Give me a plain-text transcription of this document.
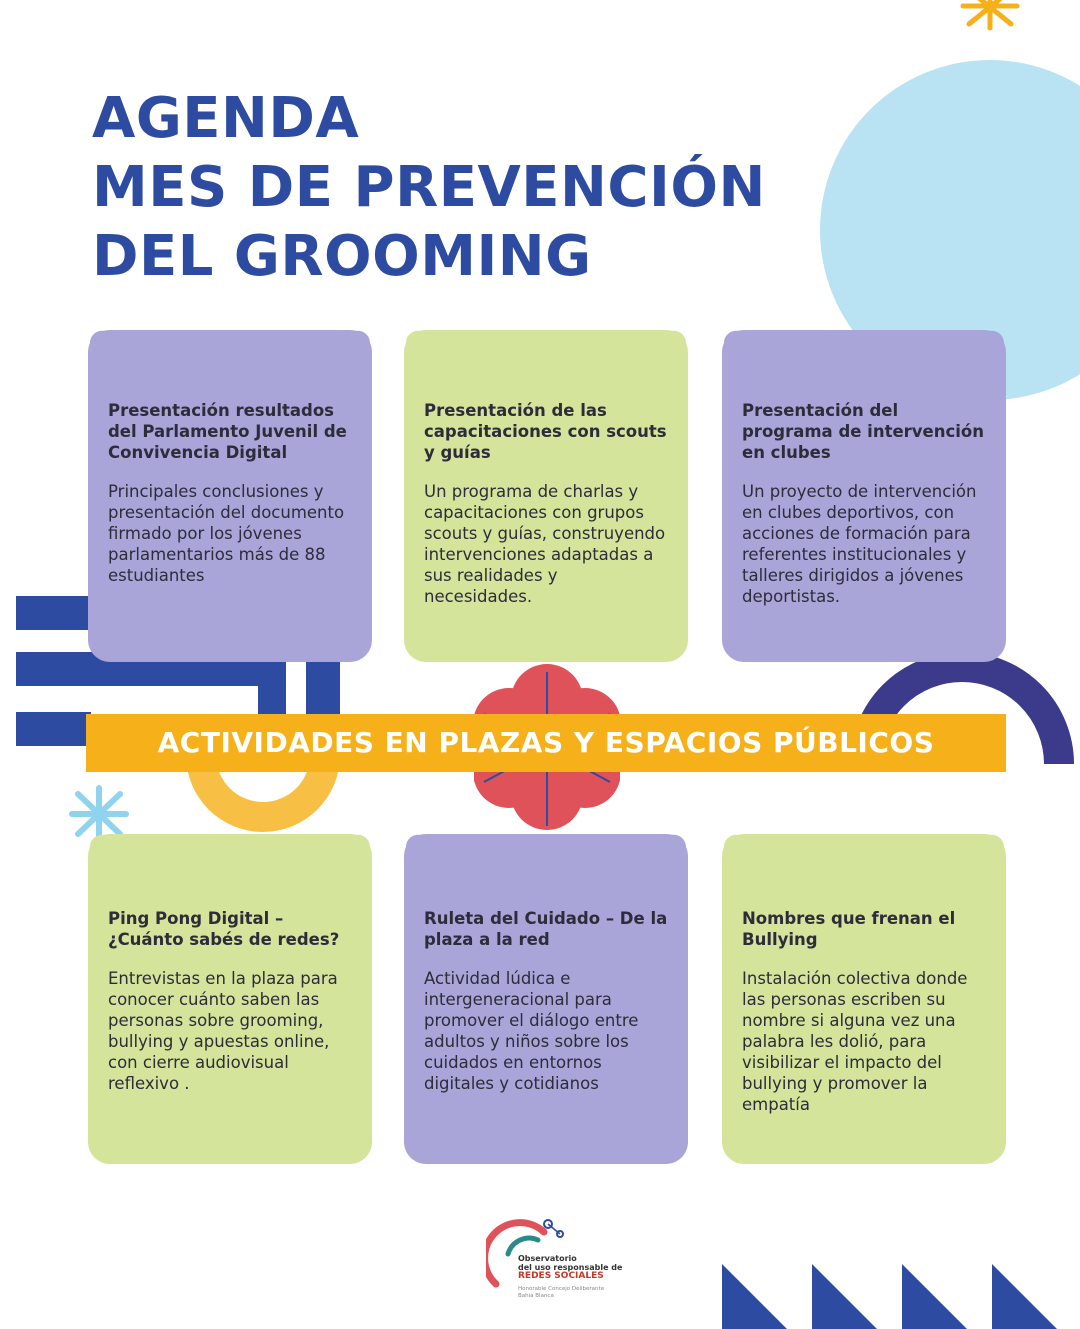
AGENDA
MES DE PREVENCIÓN
DEL GROOMING

Presentación resultados del Parlamento Juvenil de Convivencia Digital

Principales conclusiones y presentación del documento firmado por los jóvenes parlamentarios más de 88 estudiantes

Presentación de las capacitaciones con scouts y guías

Un programa de charlas y capacitaciones con grupos scouts y guías, construyendo intervenciones adaptadas a sus realidades y necesidades.

Presentación del programa de intervención en clubes

Un proyecto de intervención en clubes deportivos, con acciones de formación para referentes institucionales y talleres dirigidos a jóvenes deportistas.

ACTIVIDADES EN PLAZAS Y ESPACIOS PÚBLICOS

Ping Pong Digital – ¿Cuánto sabés de redes?

Entrevistas en la plaza para conocer cuánto saben las personas sobre grooming, bullying y apuestas online, con cierre audiovisual reflexivo .

Ruleta del Cuidado – De la plaza a la red

Actividad lúdica e intergeneracional para promover el diálogo entre adultos y niños sobre los cuidados en entornos digitales y cotidianos

Nombres que frenan el Bullying

Instalación colectiva donde las personas escriben su nombre si alguna vez una palabra les dolió, para visibilizar el impacto del bullying y promover la empatía

Observatorio
del uso responsable de
REDES SOCIALES
Honorable Concejo Deliberante
Bahía Blanca
